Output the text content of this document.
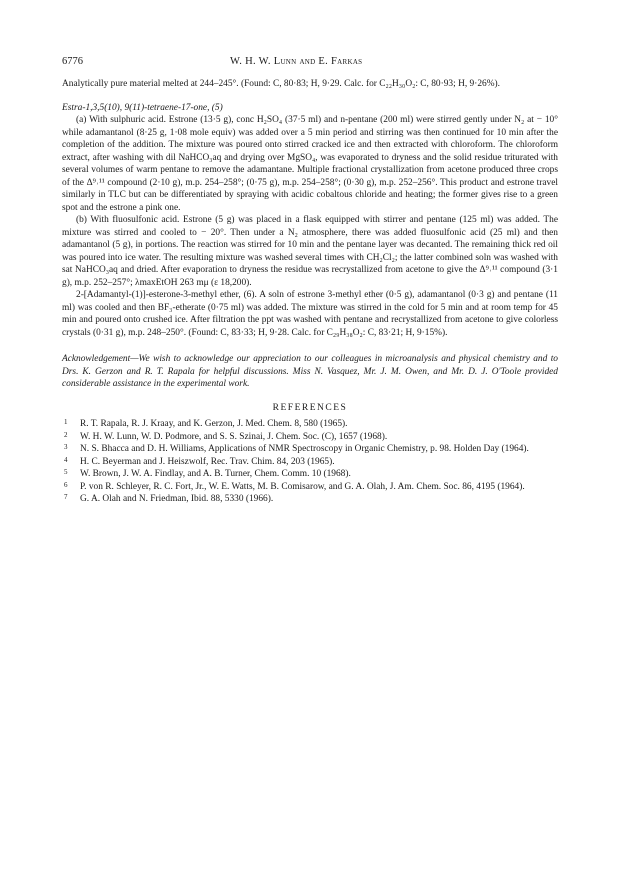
6776	W. H. W. Lunn and E. Farkas

Analytically pure material melted at 244–245°. (Found: C, 80·83; H, 9·29. Calc. for C₂₂H₃₀O₂: C, 80·93; H, 9·26%).

Estra-1,3,5(10), 9(11)-tetraene-17-one, (5)

(a) With sulphuric acid. Estrone (13·5 g), conc H₂SO₄ (37·5 ml) and n-pentane (200 ml) were stirred gently under N₂ at − 10° while adamantanol (8·25 g, 1·08 mole equiv) was added over a 5 min period and stirring was then continued for 10 min after the completion of the addition. The mixture was poured onto stirred cracked ice and then extracted with chloroform. The chloroform extract, after washing with dil NaHCO₃aq and drying over MgSO₄, was evaporated to dryness and the solid residue triturated with several volumes of warm pentane to remove the adamantane. Multiple fractional crystallization from acetone produced three crops of the Δ⁹˒¹¹ compound (2·10 g), m.p. 254–258°; (0·75 g), m.p. 254–258°; (0·30 g), m.p. 252–256°. This product and estrone travel similarly in TLC but can be differentiated by spraying with acidic cobaltous chloride and heating; the former gives rise to a green spot and the estrone a pink one.

(b) With fluosulfonic acid. Estrone (5 g) was placed in a flask equipped with stirrer and pentane (125 ml) was added. The mixture was stirred and cooled to − 20°. Then under a N₂ atmosphere, there was added fluosulfonic acid (25 ml) and then adamantanol (5 g), in portions. The reaction was stirred for 10 min and the pentane layer was decanted. The remaining thick red oil was poured into ice water. The resulting mixture was washed several times with CH₂Cl₂; the latter combined soln was washed with sat NaHCO₃aq and dried. After evaporation to dryness the residue was recrystallized from acetone to give the Δ⁹˒¹¹ compound (3·1 g), m.p. 252–257°; λmaxEtOH 263 mμ (ε 18,200).

2-[Adamantyl-(1)]-esterone-3-methyl ether, (6). A soln of estrone 3-methyl ether (0·5 g), adamantanol (0·3 g) and pentane (11 ml) was cooled and then BF₃-etherate (0·75 ml) was added. The mixture was stirred in the cold for 5 min and at room temp for 45 min and poured onto crushed ice. After filtration the ppt was washed with pentane and recrystallized from acetone to give colorless crystals (0·31 g), m.p. 248–250°. (Found: C, 83·33; H, 9·28. Calc. for C₂₉H₃₈O₂: C, 83·21; H, 9·15%).

Acknowledgement—We wish to acknowledge our appreciation to our colleagues in microanalysis and physical chemistry and to Drs. K. Gerzon and R. T. Rapala for helpful discussions. Miss N. Vasquez, Mr. J. M. Owen, and Mr. D. J. O'Toole provided considerable assistance in the experimental work.

REFERENCES
1 R. T. Rapala, R. J. Kraay, and K. Gerzon, J. Med. Chem. 8, 580 (1965).
2 W. H. W. Lunn, W. D. Podmore, and S. S. Szinai, J. Chem. Soc. (C), 1657 (1968).
3 N. S. Bhacca and D. H. Williams, Applications of NMR Spectroscopy in Organic Chemistry, p. 98. Holden Day (1964).
4 H. C. Beyerman and J. Heiszwolf, Rec. Trav. Chim. 84, 203 (1965).
5 W. Brown, J. W. A. Findlay, and A. B. Turner, Chem. Comm. 10 (1968).
6 P. von R. Schleyer, R. C. Fort, Jr., W. E. Watts, M. B. Comisarow, and G. A. Olah, J. Am. Chem. Soc. 86, 4195 (1964).
7 G. A. Olah and N. Friedman, Ibid. 88, 5330 (1966).
